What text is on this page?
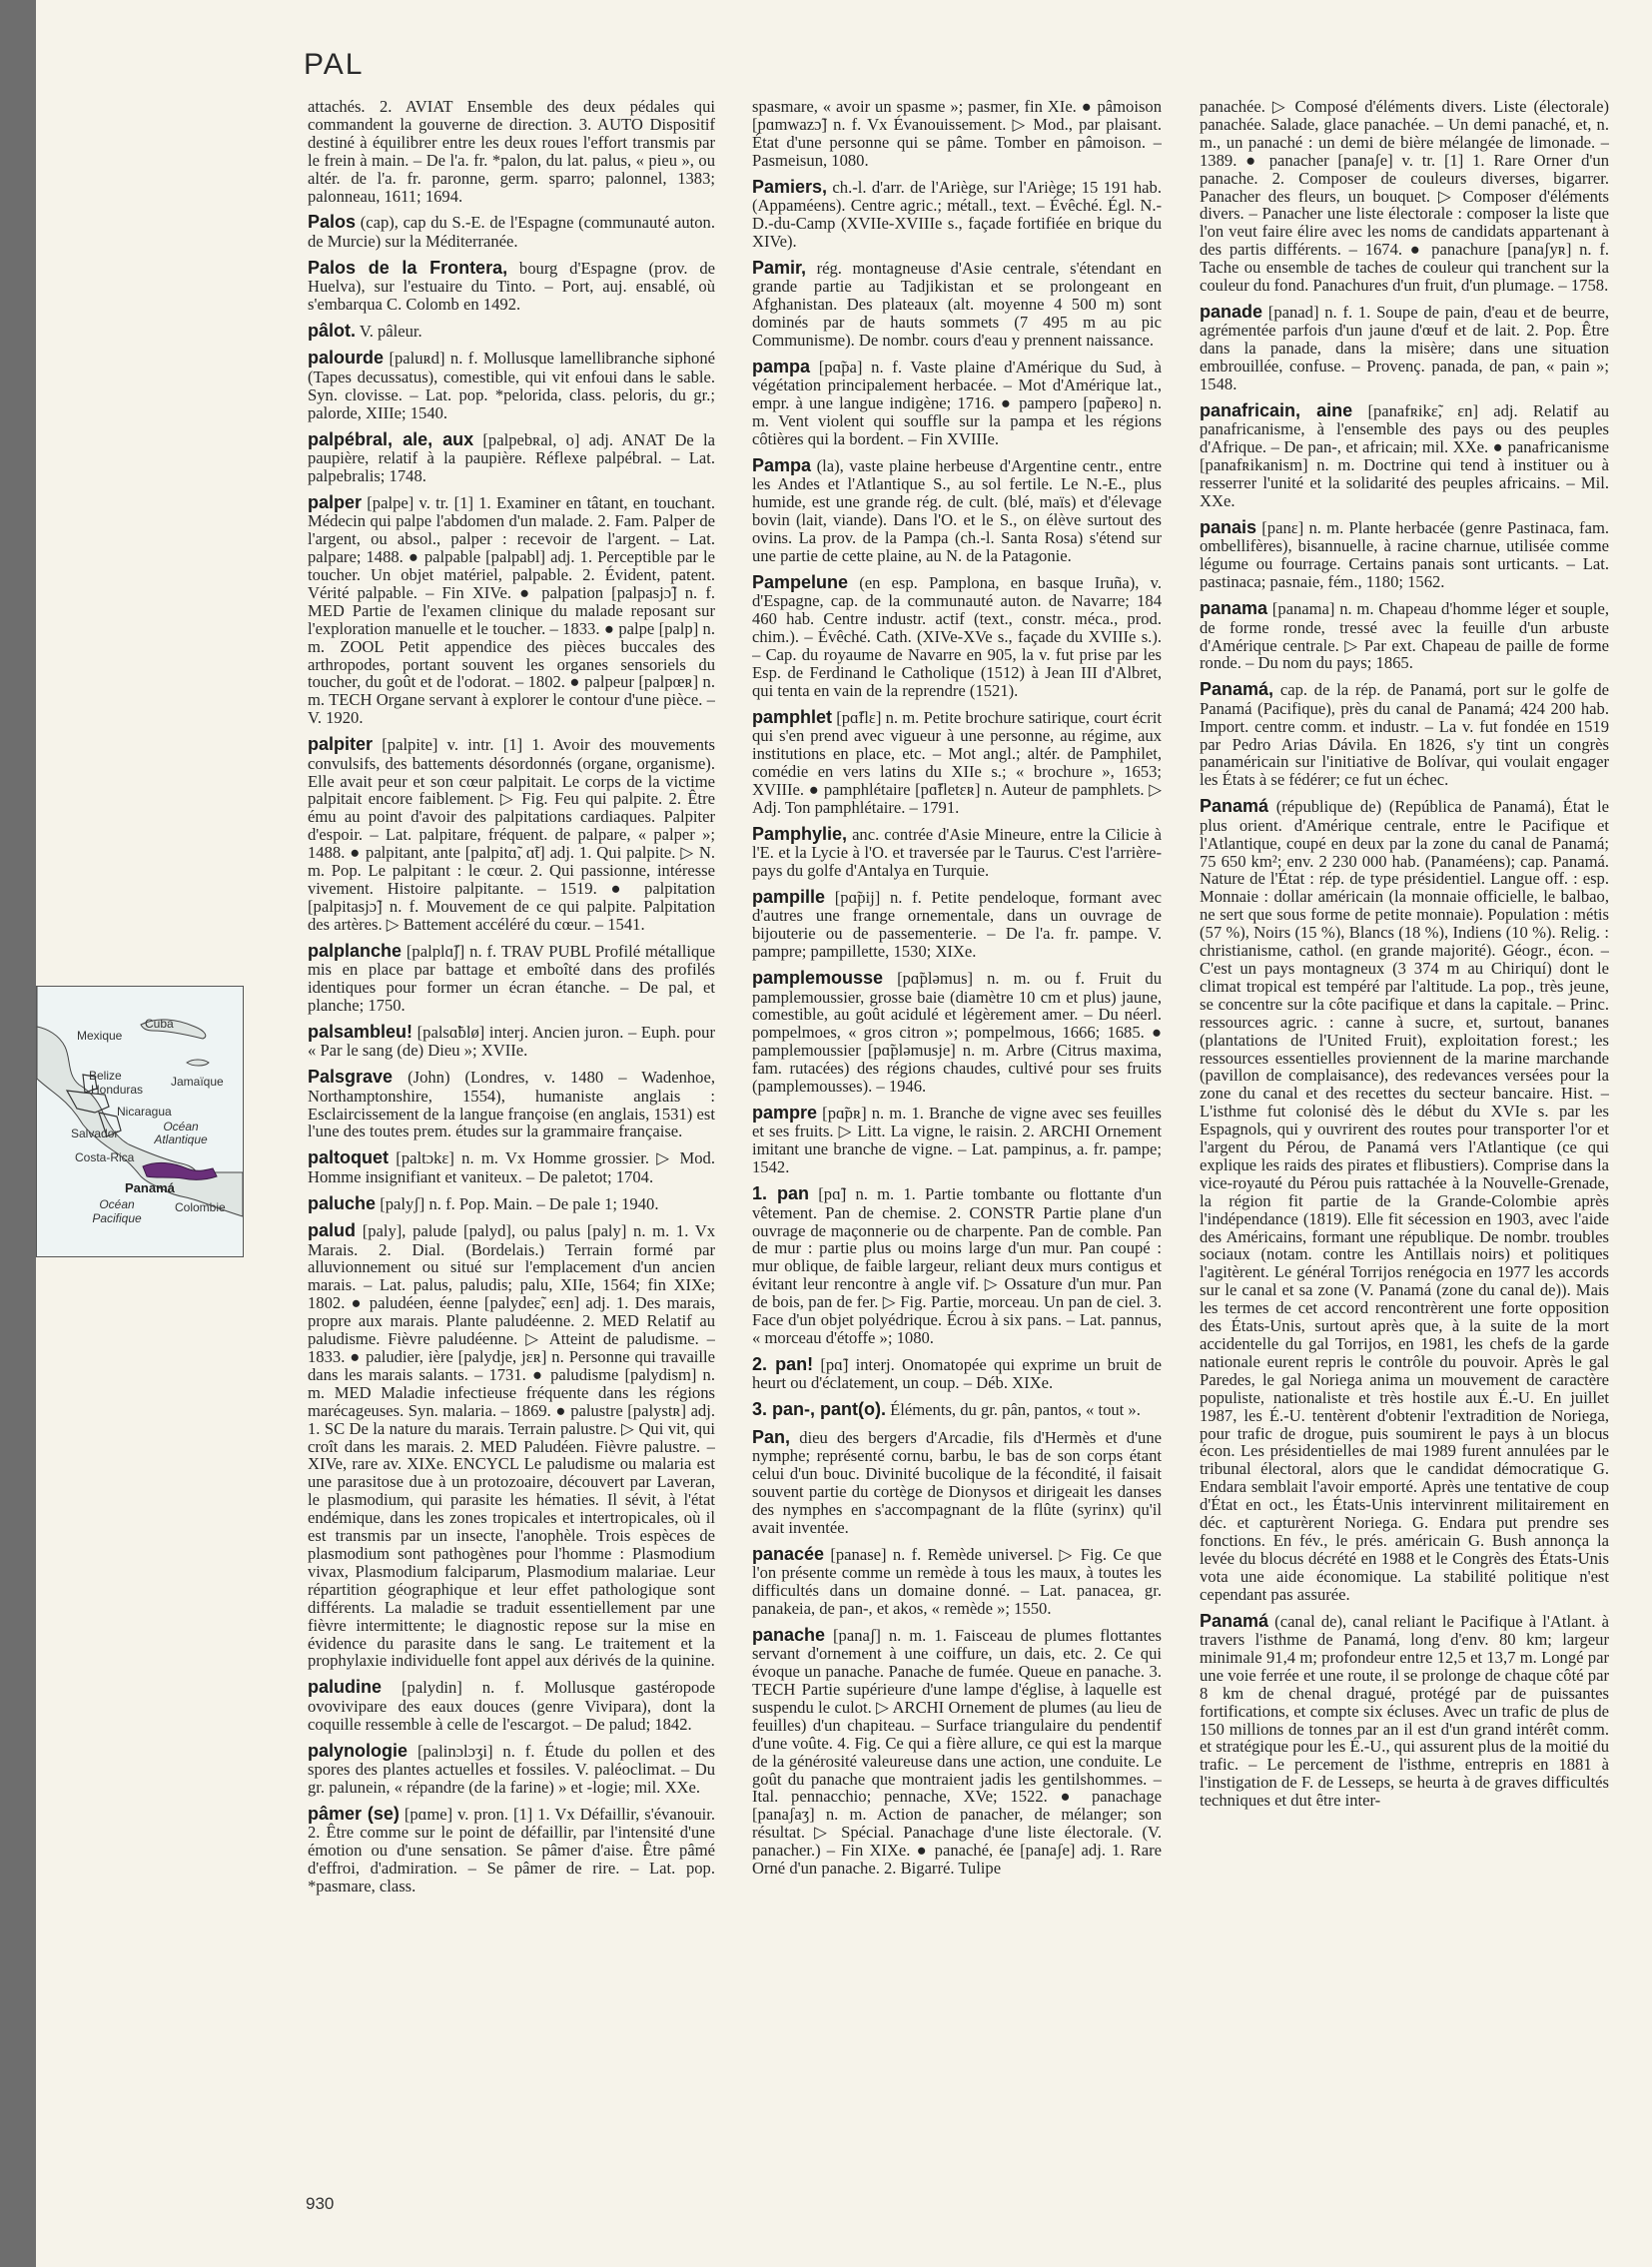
PAL

attachés. 2. AVIAT Ensemble des deux pédales qui commandent la gouverne de direction. 3. AUTO Dispositif destiné à équilibrer entre les deux roues l'effort transmis par le frein à main. – De l'a. fr. *palon, du lat. palus, « pieu », ou altér. de l'a. fr. paronne, germ. sparro; palonnel, 1383; palonneau, 1611; 1694.

Palos (cap), cap du S.-E. de l'Espagne (communauté auton. de Murcie) sur la Méditerranée.

Palos de la Frontera, bourg d'Espagne (prov. de Huelva), sur l'estuaire du Tinto. – Port, auj. ensablé, où s'embarqua C. Colomb en 1492.

pâlot. V. pâleur.

palourde [paluʀd] n. f. Mollusque lamellibranche siphoné (Tapes decussatus), comestible, qui vit enfoui dans le sable. Syn. clovisse. – Lat. pop. *pelorida, class. peloris, du gr.; palorde, XIIIe; 1540.

palpébral, ale, aux [palpebʀal, o] adj. ANAT De la paupière, relatif à la paupière. Réflexe palpébral. – Lat. palpebralis; 1748.

palper [palpe] v. tr. [1] 1. Examiner en tâtant, en touchant. Médecin qui palpe l'abdomen d'un malade. 2. Fam. Palper de l'argent, ou absol., palper : recevoir de l'argent. – Lat. palpare; 1488. ● palpable [palpabl] adj. 1. Perceptible par le toucher. Un objet matériel, palpable. 2. Évident, patent. Vérité palpable. – Fin XIVe. ● palpation [palpasjɔ̃] n. f. MED Partie de l'examen clinique du malade reposant sur l'exploration manuelle et le toucher. – 1833. ● palpe [palp] n. m. ZOOL Petit appendice des pièces buccales des arthropodes, portant souvent les organes sensoriels du toucher, du goût et de l'odorat. – 1802. ● palpeur [palpœʀ] n. m. TECH Organe servant à explorer le contour d'une pièce. – V. 1920.

palpiter [palpite] v. intr. [1] 1. Avoir des mouvements convulsifs, des battements désordonnés (organe, organisme). Elle avait peur et son cœur palpitait. Le corps de la victime palpitait encore faiblement. ▷ Fig. Feu qui palpite. 2. Être ému au point d'avoir des palpitations cardiaques. Palpiter d'espoir. – Lat. palpitare, fréquent. de palpare, « palper »; 1488. ● palpitant, ante [palpitɑ̃, ɑ̃t] adj. 1. Qui palpite. ▷ N. m. Pop. Le palpitant : le cœur. 2. Qui passionne, intéresse vivement. Histoire palpitante. – 1519. ● palpitation [palpitasjɔ̃] n. f. Mouvement de ce qui palpite. Palpitation des artères. ▷ Battement accéléré du cœur. – 1541.

palplanche [palplɑ̃ʃ] n. f. TRAV PUBL Profilé métallique mis en place par battage et emboîté dans des profilés identiques pour former un écran étanche. – De pal, et planche; 1750.

palsambleu! [palsɑ̃blø] interj. Ancien juron. – Euph. pour « Par le sang (de) Dieu »; XVIIe.

Palsgrave (John) (Londres, v. 1480 – Wadenhoe, Northamptonshire, 1554), humaniste anglais : Esclaircissement de la langue françoise (en anglais, 1531) est l'une des toutes prem. études sur la grammaire française.

paltoquet [paltɔkɛ] n. m. Vx Homme grossier. ▷ Mod. Homme insignifiant et vaniteux. – De paletot; 1704.

paluche [palyʃ] n. f. Pop. Main. – De pale 1; 1940.

palud [paly], palude [palyd], ou palus [paly] n. m. 1. Vx Marais. 2. Dial. (Bordelais.) Terrain formé par alluvionnement ou situé sur l'emplacement d'un ancien marais. – Lat. palus, paludis; palu, XIIe, 1564; fin XIXe; 1802. ● paludéen, éenne [palydeɛ̃, eɛn] adj. 1. Des marais, propre aux marais. Plante paludéenne. 2. MED Relatif au paludisme. Fièvre paludéenne. ▷ Atteint de paludisme. – 1833. ● paludier, ière [palydje, jɛʀ] n. Personne qui travaille dans les marais salants. – 1731. ● paludisme [palydism] n. m. MED Maladie infectieuse fréquente dans les régions marécageuses. Syn. malaria. – 1869. ● palustre [palystʀ] adj. 1. SC De la nature du marais. Terrain palustre. ▷ Qui vit, qui croît dans les marais. 2. MED Paludéen. Fièvre palustre. – XIVe, rare av. XIXe. ENCYCL Le paludisme ou malaria est une parasitose due à un protozoaire, découvert par Laveran, le plasmodium, qui parasite les hématies. Il sévit, à l'état endémique, dans les zones tropicales et intertropicales, où il est transmis par un insecte, l'anophèle. Trois espèces de plasmodium sont pathogènes pour l'homme : Plasmodium vivax, Plasmodium falciparum, Plasmodium malariae. Leur répartition géographique et leur effet pathologique sont différents. La maladie se traduit essentiellement par une fièvre intermittente; le diagnostic repose sur la mise en évidence du parasite dans le sang. Le traitement et la prophylaxie individuelle font appel aux dérivés de la quinine.

paludine [palydin] n. f. Mollusque gastéropode ovovivipare des eaux douces (genre Vivipara), dont la coquille ressemble à celle de l'escargot. – De palud; 1842.

palynologie [palinɔlɔʒi] n. f. Étude du pollen et des spores des plantes actuelles et fossiles. V. paléoclimat. – Du gr. palunein, « répandre (de la farine) » et -logie; mil. XXe.

pâmer (se) [pɑme] v. pron. [1] 1. Vx Défaillir, s'évanouir. 2. Être comme sur le point de défaillir, par l'intensité d'une émotion ou d'une sensation. Se pâmer d'aise. Être pâmé d'effroi, d'admiration. – Se pâmer de rire. – Lat. pop. *pasmare, class.

spasmare, « avoir un spasme »; pasmer, fin XIe. ● pâmoison [pɑmwazɔ̃] n. f. Vx Évanouissement. ▷ Mod., par plaisant. État d'une personne qui se pâme. Tomber en pâmoison. – Pasmeisun, 1080.

Pamiers, ch.-l. d'arr. de l'Ariège, sur l'Ariège; 15 191 hab. (Appaméens). Centre agric.; métall., text. – Évêché. Égl. N.-D.-du-Camp (XVIIe-XVIIIe s., façade fortifiée en brique du XIVe).

Pamir, rég. montagneuse d'Asie centrale, s'étendant en grande partie au Tadjikistan et se prolongeant en Afghanistan. Des plateaux (alt. moyenne 4 500 m) sont dominés par de hauts sommets (7 495 m au pic Communisme). De nombr. cours d'eau y prennent naissance.

pampa [pɑ̃pa] n. f. Vaste plaine d'Amérique du Sud, à végétation principalement herbacée. – Mot d'Amérique lat., empr. à une langue indigène; 1716. ● pampero [pɑ̃peʀo] n. m. Vent violent qui souffle sur la pampa et les régions côtières qui la bordent. – Fin XVIIIe.

Pampa (la), vaste plaine herbeuse d'Argentine centr., entre les Andes et l'Atlantique S., au sol fertile. Le N.-E., plus humide, est une grande rég. de cult. (blé, maïs) et d'élevage bovin (lait, viande). Dans l'O. et le S., on élève surtout des ovins. La prov. de la Pampa (ch.-l. Santa Rosa) s'étend sur une partie de cette plaine, au N. de la Patagonie.

Pampelune (en esp. Pamplona, en basque Iruña), v. d'Espagne, cap. de la communauté auton. de Navarre; 184 460 hab. Centre industr. actif (text., constr. méca., prod. chim.). – Évêché. Cath. (XIVe-XVe s., façade du XVIIIe s.). – Cap. du royaume de Navarre en 905, la v. fut prise par les Esp. de Ferdinand le Catholique (1512) à Jean III d'Albret, qui tenta en vain de la reprendre (1521).

pamphlet [pɑ̃flɛ] n. m. Petite brochure satirique, court écrit qui s'en prend avec vigueur à une personne, au régime, aux institutions en place, etc. – Mot angl.; altér. de Pamphilet, comédie en vers latins du XIIe s.; « brochure », 1653; XVIIIe. ● pamphlétaire [pɑ̃fletɛʀ] n. Auteur de pamphlets. ▷ Adj. Ton pamphlétaire. – 1791.

Pamphylie, anc. contrée d'Asie Mineure, entre la Cilicie à l'E. et la Lycie à l'O. et traversée par le Taurus. C'est l'arrière-pays du golfe d'Antalya en Turquie.

pampille [pɑ̃pij] n. f. Petite pendeloque, formant avec d'autres une frange ornementale, dans un ouvrage de bijouterie ou de passementerie. – De l'a. fr. pampe. V. pampre; pampillette, 1530; XIXe.

pamplemousse [pɑ̃pləmus] n. m. ou f. Fruit du pamplemoussier, grosse baie (diamètre 10 cm et plus) jaune, comestible, au goût acidulé et légèrement amer. – Du néerl. pompelmoes, « gros citron »; pompelmous, 1666; 1685. ● pamplemoussier [pɑ̃pləmusje] n. m. Arbre (Citrus maxima, fam. rutacées) des régions chaudes, cultivé pour ses fruits (pamplemousses). – 1946.

pampre [pɑ̃pʀ] n. m. 1. Branche de vigne avec ses feuilles et ses fruits. ▷ Litt. La vigne, le raisin. 2. ARCHI Ornement imitant une branche de vigne. – Lat. pampinus, a. fr. pampe; 1542.

1. pan [pɑ̃] n. m. 1. Partie tombante ou flottante d'un vêtement. Pan de chemise. 2. CONSTR Partie plane d'un ouvrage de maçonnerie ou de charpente. Pan de comble. Pan de mur : partie plus ou moins large d'un mur. Pan coupé : mur oblique, de faible largeur, reliant deux murs contigus et évitant leur rencontre à angle vif. ▷ Ossature d'un mur. Pan de bois, pan de fer. ▷ Fig. Partie, morceau. Un pan de ciel. 3. Face d'un objet polyédrique. Écrou à six pans. – Lat. pannus, « morceau d'étoffe »; 1080.

2. pan! [pɑ̃] interj. Onomatopée qui exprime un bruit de heurt ou d'éclatement, un coup. – Déb. XIXe.

3. pan-, pant(o). Éléments, du gr. pân, pantos, « tout ».

Pan, dieu des bergers d'Arcadie, fils d'Hermès et d'une nymphe; représenté cornu, barbu, le bas de son corps étant celui d'un bouc. Divinité bucolique de la fécondité, il faisait souvent partie du cortège de Dionysos et dirigeait les danses des nymphes en s'accompagnant de la flûte (syrinx) qu'il avait inventée.

panacée [panase] n. f. Remède universel. ▷ Fig. Ce que l'on présente comme un remède à tous les maux, à toutes les difficultés dans un domaine donné. – Lat. panacea, gr. panakeia, de pan-, et akos, « remède »; 1550.

panache [panaʃ] n. m. 1. Faisceau de plumes flottantes servant d'ornement à une coiffure, un dais, etc. 2. Ce qui évoque un panache. Panache de fumée. Queue en panache. 3. TECH Partie supérieure d'une lampe d'église, à laquelle est suspendu le culot. ▷ ARCHI Ornement de plumes (au lieu de feuilles) d'un chapiteau. – Surface triangulaire du pendentif d'une voûte. 4. Fig. Ce qui a fière allure, ce qui est la marque de la générosité valeureuse dans une action, une conduite. Le goût du panache que montraient jadis les gentilshommes. – Ital. pennacchio; pennache, XVe; 1522. ● panachage [panaʃaʒ] n. m. Action de panacher, de mélanger; son résultat. ▷ Spécial. Panachage d'une liste électorale. (V. panacher.) – Fin XIXe. ● panaché, ée [panaʃe] adj. 1. Rare Orné d'un panache. 2. Bigarré. Tulipe

panachée. ▷ Composé d'éléments divers. Liste (électorale) panachée. Salade, glace panachée. – Un demi panaché, et, n. m., un panaché : un demi de bière mélangée de limonade. – 1389. ● panacher [panaʃe] v. tr. [1] 1. Rare Orner d'un panache. 2. Composer de couleurs diverses, bigarrer. Panacher des fleurs, un bouquet. ▷ Composer d'éléments divers. – Panacher une liste électorale : composer la liste que l'on veut faire élire avec les noms de candidats appartenant à des partis différents. – 1674. ● panachure [panaʃyʀ] n. f. Tache ou ensemble de taches de couleur qui tranchent sur la couleur du fond. Panachures d'un fruit, d'un plumage. – 1758.

panade [panad] n. f. 1. Soupe de pain, d'eau et de beurre, agrémentée parfois d'un jaune d'œuf et de lait. 2. Pop. Être dans la panade, dans la misère; dans une situation embrouillée, confuse. – Provenç. panada, de pan, « pain »; 1548.

panafricain, aine [panafʀikɛ̃, ɛn] adj. Relatif au panafricanisme, à l'ensemble des pays ou des peuples d'Afrique. – De pan-, et africain; mil. XXe. ● panafricanisme [panafʀikanism] n. m. Doctrine qui tend à instituer ou à resserrer l'unité et la solidarité des peuples africains. – Mil. XXe.

panais [panɛ] n. m. Plante herbacée (genre Pastinaca, fam. ombellifères), bisannuelle, à racine charnue, utilisée comme légume ou fourrage. Certains panais sont urticants. – Lat. pastinaca; pasnaie, fém., 1180; 1562.

panama [panama] n. m. Chapeau d'homme léger et souple, de forme ronde, tressé avec la feuille d'un arbuste d'Amérique centrale. ▷ Par ext. Chapeau de paille de forme ronde. – Du nom du pays; 1865.

Panamá, cap. de la rép. de Panamá, port sur le golfe de Panamá (Pacifique), près du canal de Panamá; 424 200 hab. Import. centre comm. et industr. – La v. fut fondée en 1519 par Pedro Arias Dávila. En 1826, s'y tint un congrès panaméricain sur l'initiative de Bolívar, qui voulait engager les États à se fédérer; ce fut un échec.

Panamá (république de) (República de Panamá), État le plus orient. d'Amérique centrale, entre le Pacifique et l'Atlantique, coupé en deux par la zone du canal de Panamá; 75 650 km²; env. 2 230 000 hab. (Panaméens); cap. Panamá. Nature de l'État : rép. de type présidentiel. Langue off. : esp. Monnaie : dollar américain (la monnaie officielle, le balbao, ne sert que sous forme de petite monnaie). Population : métis (57 %), Noirs (15 %), Blancs (18 %), Indiens (10 %). Relig. : christianisme, cathol. (en grande majorité). Géogr., écon. – C'est un pays montagneux (3 374 m au Chiriquí) dont le climat tropical est tempéré par l'altitude. La pop., très jeune, se concentre sur la côte pacifique et dans la capitale. – Princ. ressources agric. : canne à sucre, et, surtout, bananes (plantations de l'United Fruit), exploitation forest.; les ressources essentielles proviennent de la marine marchande (pavillon de complaisance), des redevances versées pour la zone du canal et des recettes du secteur bancaire. Hist. – L'isthme fut colonisé dès le début du XVIe s. par les Espagnols, qui y ouvrirent des routes pour transporter l'or et l'argent du Pérou, de Panamá vers l'Atlantique (ce qui explique les raids des pirates et flibustiers). Comprise dans la vice-royauté du Pérou puis rattachée à la Nouvelle-Grenade, la région fit partie de la Grande-Colombie après l'indépendance (1819). Elle fit sécession en 1903, avec l'aide des Américains, formant une république. De nombr. troubles sociaux (notam. contre les Antillais noirs) et politiques l'agitèrent. Le général Torrijos renégocia en 1977 les accords sur le canal et sa zone (V. Panamá (zone du canal de)). Mais les termes de cet accord rencontrèrent une forte opposition des États-Unis, surtout après que, à la suite de la mort accidentelle du gal Torrijos, en 1981, les chefs de la garde nationale eurent repris le contrôle du pouvoir. Après le gal Paredes, le gal Noriega anima un mouvement de caractère populiste, nationaliste et très hostile aux É.-U. En juillet 1987, les É.-U. tentèrent d'obtenir l'extradition de Noriega, pour trafic de drogue, puis soumirent le pays à un blocus écon. Les présidentielles de mai 1989 furent annulées par le tribunal électoral, alors que le candidat démocratique G. Endara semblait l'avoir emporté. Après une tentative de coup d'État en oct., les États-Unis intervinrent militairement en déc. et capturèrent Noriega. G. Endara put prendre ses fonctions. En fév., le prés. américain G. Bush annonça la levée du blocus décrété en 1988 et le Congrès des États-Unis vota une aide économique. La stabilité politique n'est cependant pas assurée.

Panamá (canal de), canal reliant le Pacifique à l'Atlant. à travers l'isthme de Panamá, long d'env. 80 km; largeur minimale 91,4 m; profondeur entre 12,5 et 13,7 m. Longé par une voie ferrée et une route, il se prolonge de chaque côté par 8 km de chenal dragué, protégé par de puissantes fortifications, et compte six écluses. Avec un trafic de plus de 150 millions de tonnes par an il est d'un grand intérêt comm. et stratégique pour les É.-U., qui assurent plus de la moitié du trafic. – Le percement de l'isthme, entrepris en 1881 à l'instigation de F. de Lesseps, se heurta à de graves difficultés techniques et dut être inter-

930
Mexique
Cuba
Belize
Honduras
Jamaïque
Nicaragua
Salvador	Océan Atlantique
Costa-Rica
Panamá
Océan Pacifique
Colombie
